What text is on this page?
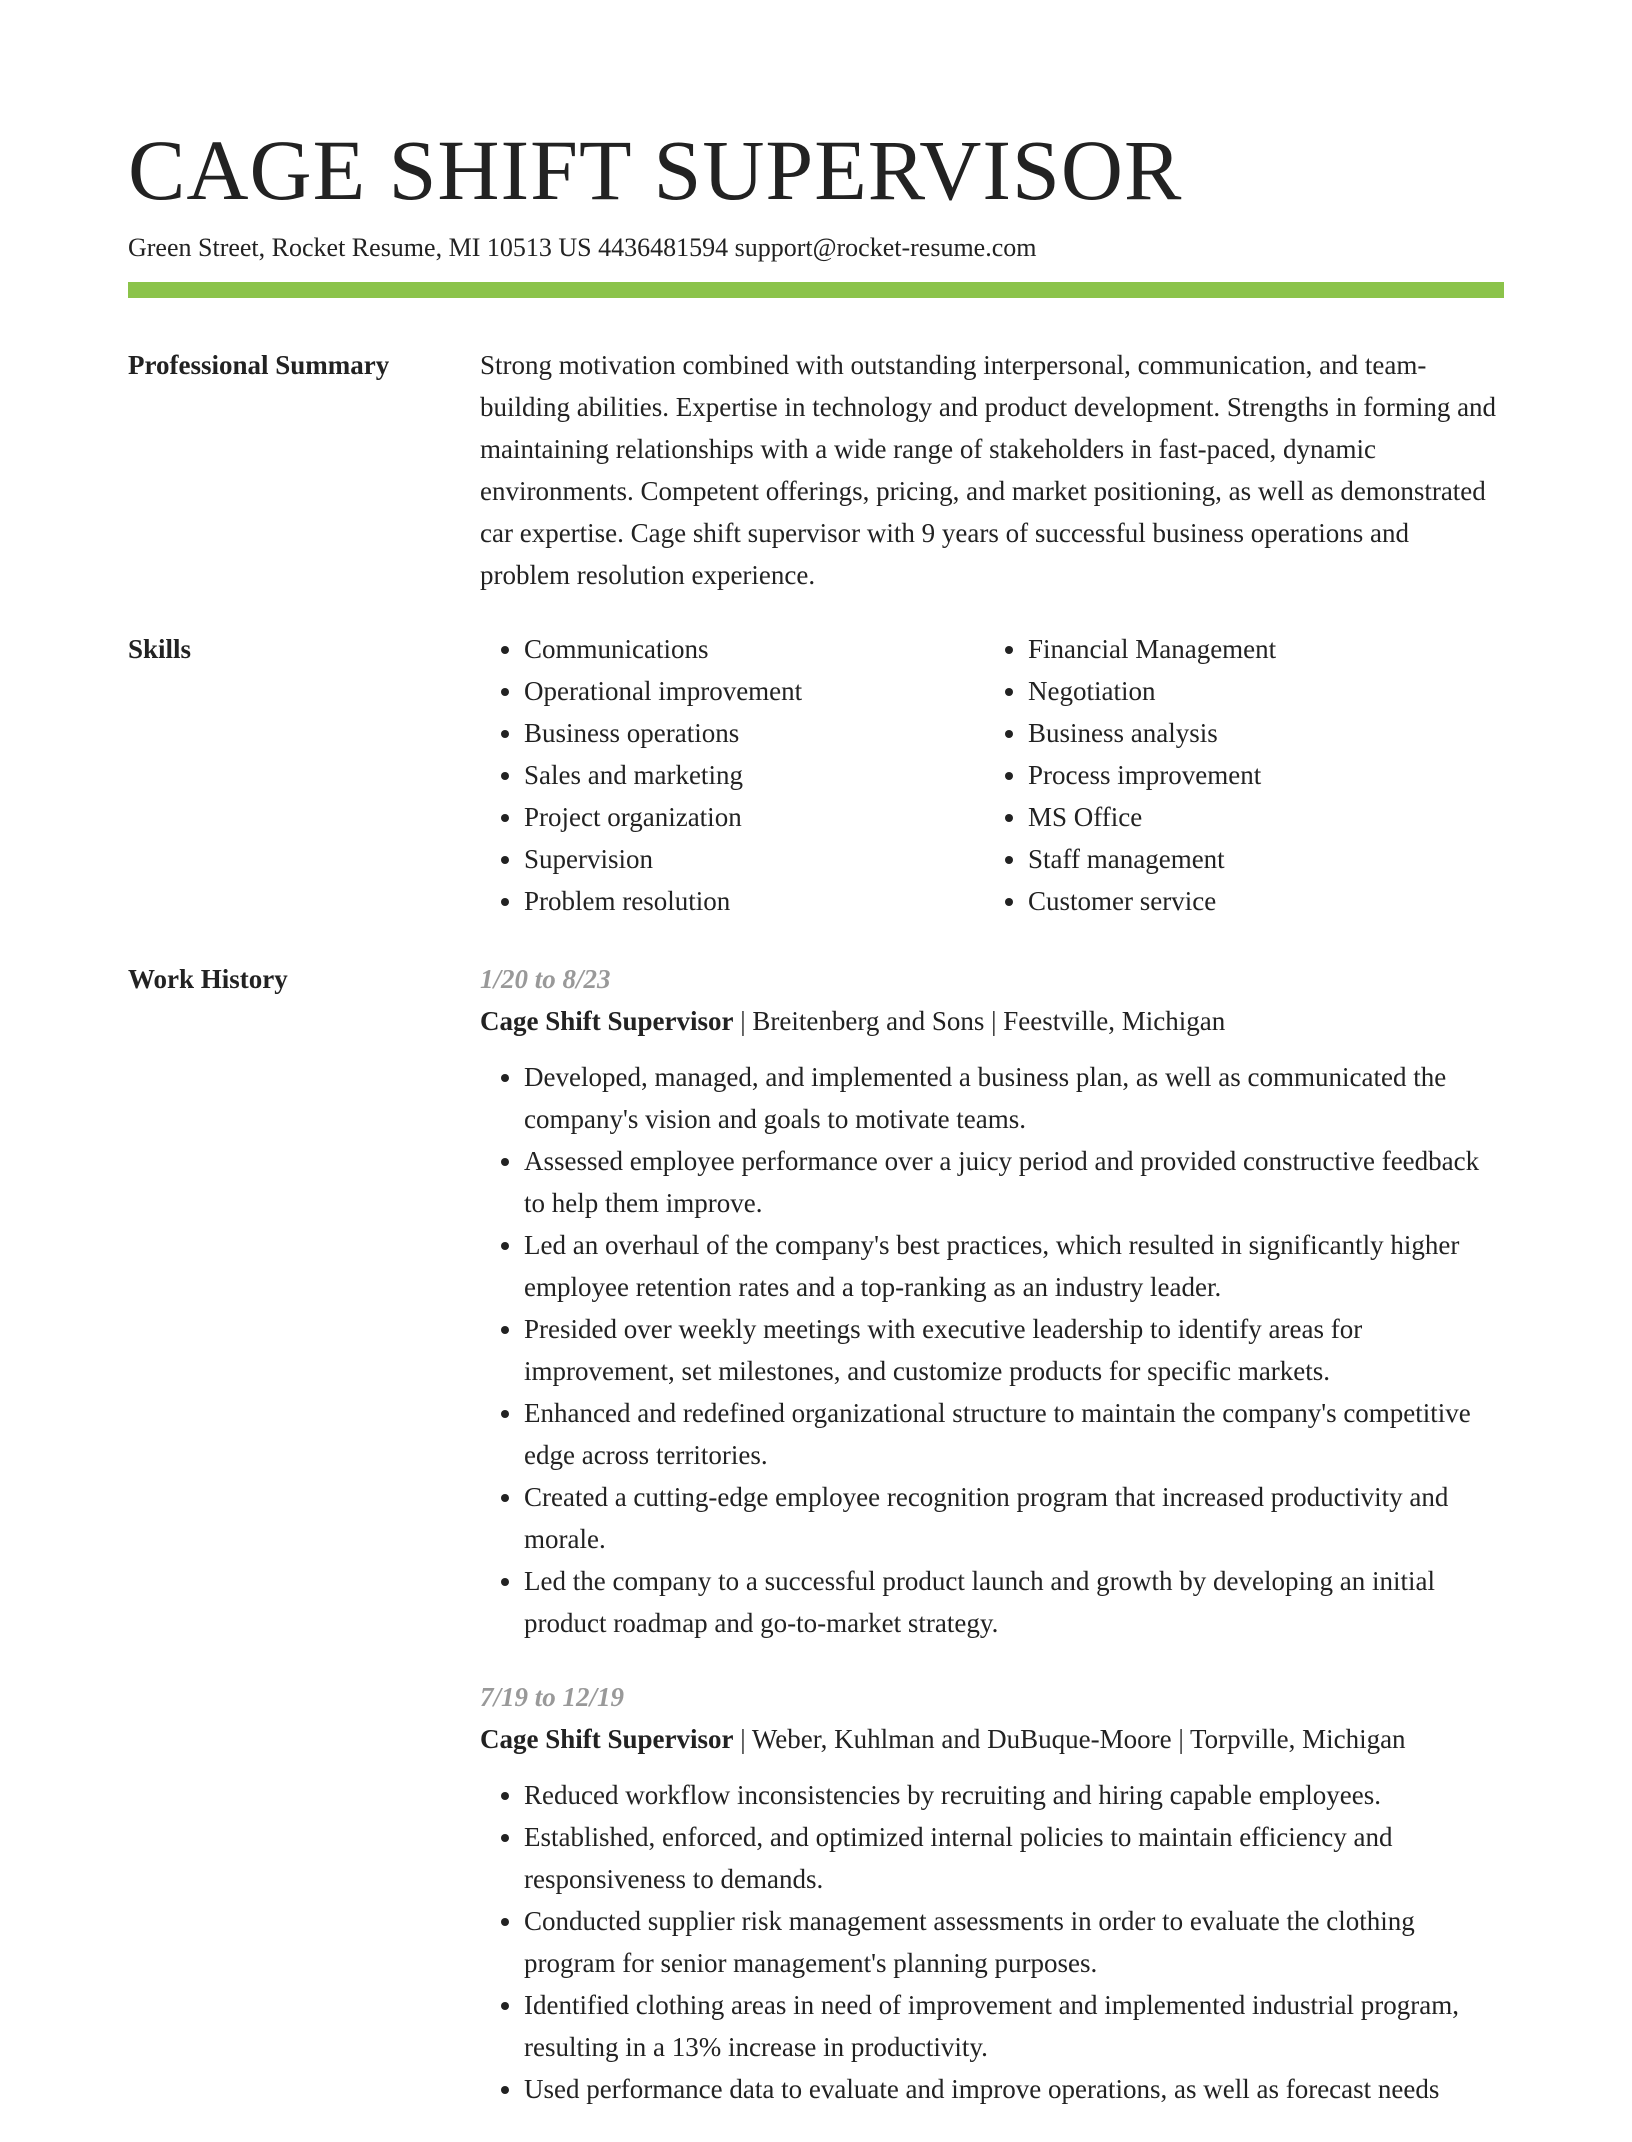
CAGE SHIFT SUPERVISOR
Green Street, Rocket Resume, MI 10513 US 4436481594 support@rocket-resume.com
Professional Summary	Strong motivation combined with outstanding interpersonal, communication, and team-building abilities. Expertise in technology and product development. Strengths in forming and maintaining relationships with a wide range of stakeholders in fast-paced, dynamic environments. Competent offerings, pricing, and market positioning, as well as demonstrated car expertise. Cage shift supervisor with 9 years of successful business operations and problem resolution experience.

Skills
•	Communications
• Operational improvement
• Business operations
• Sales and marketing
• Project organization
• Supervision
• Problem resolution
• Financial Management
• Negotiation
• Business analysis
• Process improvement
• MS Office
• Staff management
• Customer service
Work History	1/20 to 8/23
Cage Shift Supervisor | Breitenberg and Sons | Feestville, Michigan
• Developed, managed, and implemented a business plan, as well as communicated the company's vision and goals to motivate teams.
• Assessed employee performance over a juicy period and provided constructive feedback to help them improve.
• Led an overhaul of the company's best practices, which resulted in significantly higher employee retention rates and a top-ranking as an industry leader.
• Presided over weekly meetings with executive leadership to identify areas for improvement, set milestones, and customize products for specific markets.
• Enhanced and redefined organizational structure to maintain the company's competitive edge across territories.
• Created a cutting-edge employee recognition program that increased productivity and morale.
• Led the company to a successful product launch and growth by developing an initial product roadmap and go-to-market strategy.
7/19 to 12/19
Cage Shift Supervisor | Weber, Kuhlman and DuBuque-Moore | Torpville, Michigan
• Reduced workflow inconsistencies by recruiting and hiring capable employees.
• Established, enforced, and optimized internal policies to maintain efficiency and responsiveness to demands.
• Conducted supplier risk management assessments in order to evaluate the clothing program for senior management's planning purposes.
• Identified clothing areas in need of improvement and implemented industrial program, resulting in a 13% increase in productivity.
• Used performance data to evaluate and improve operations, as well as forecast needs
